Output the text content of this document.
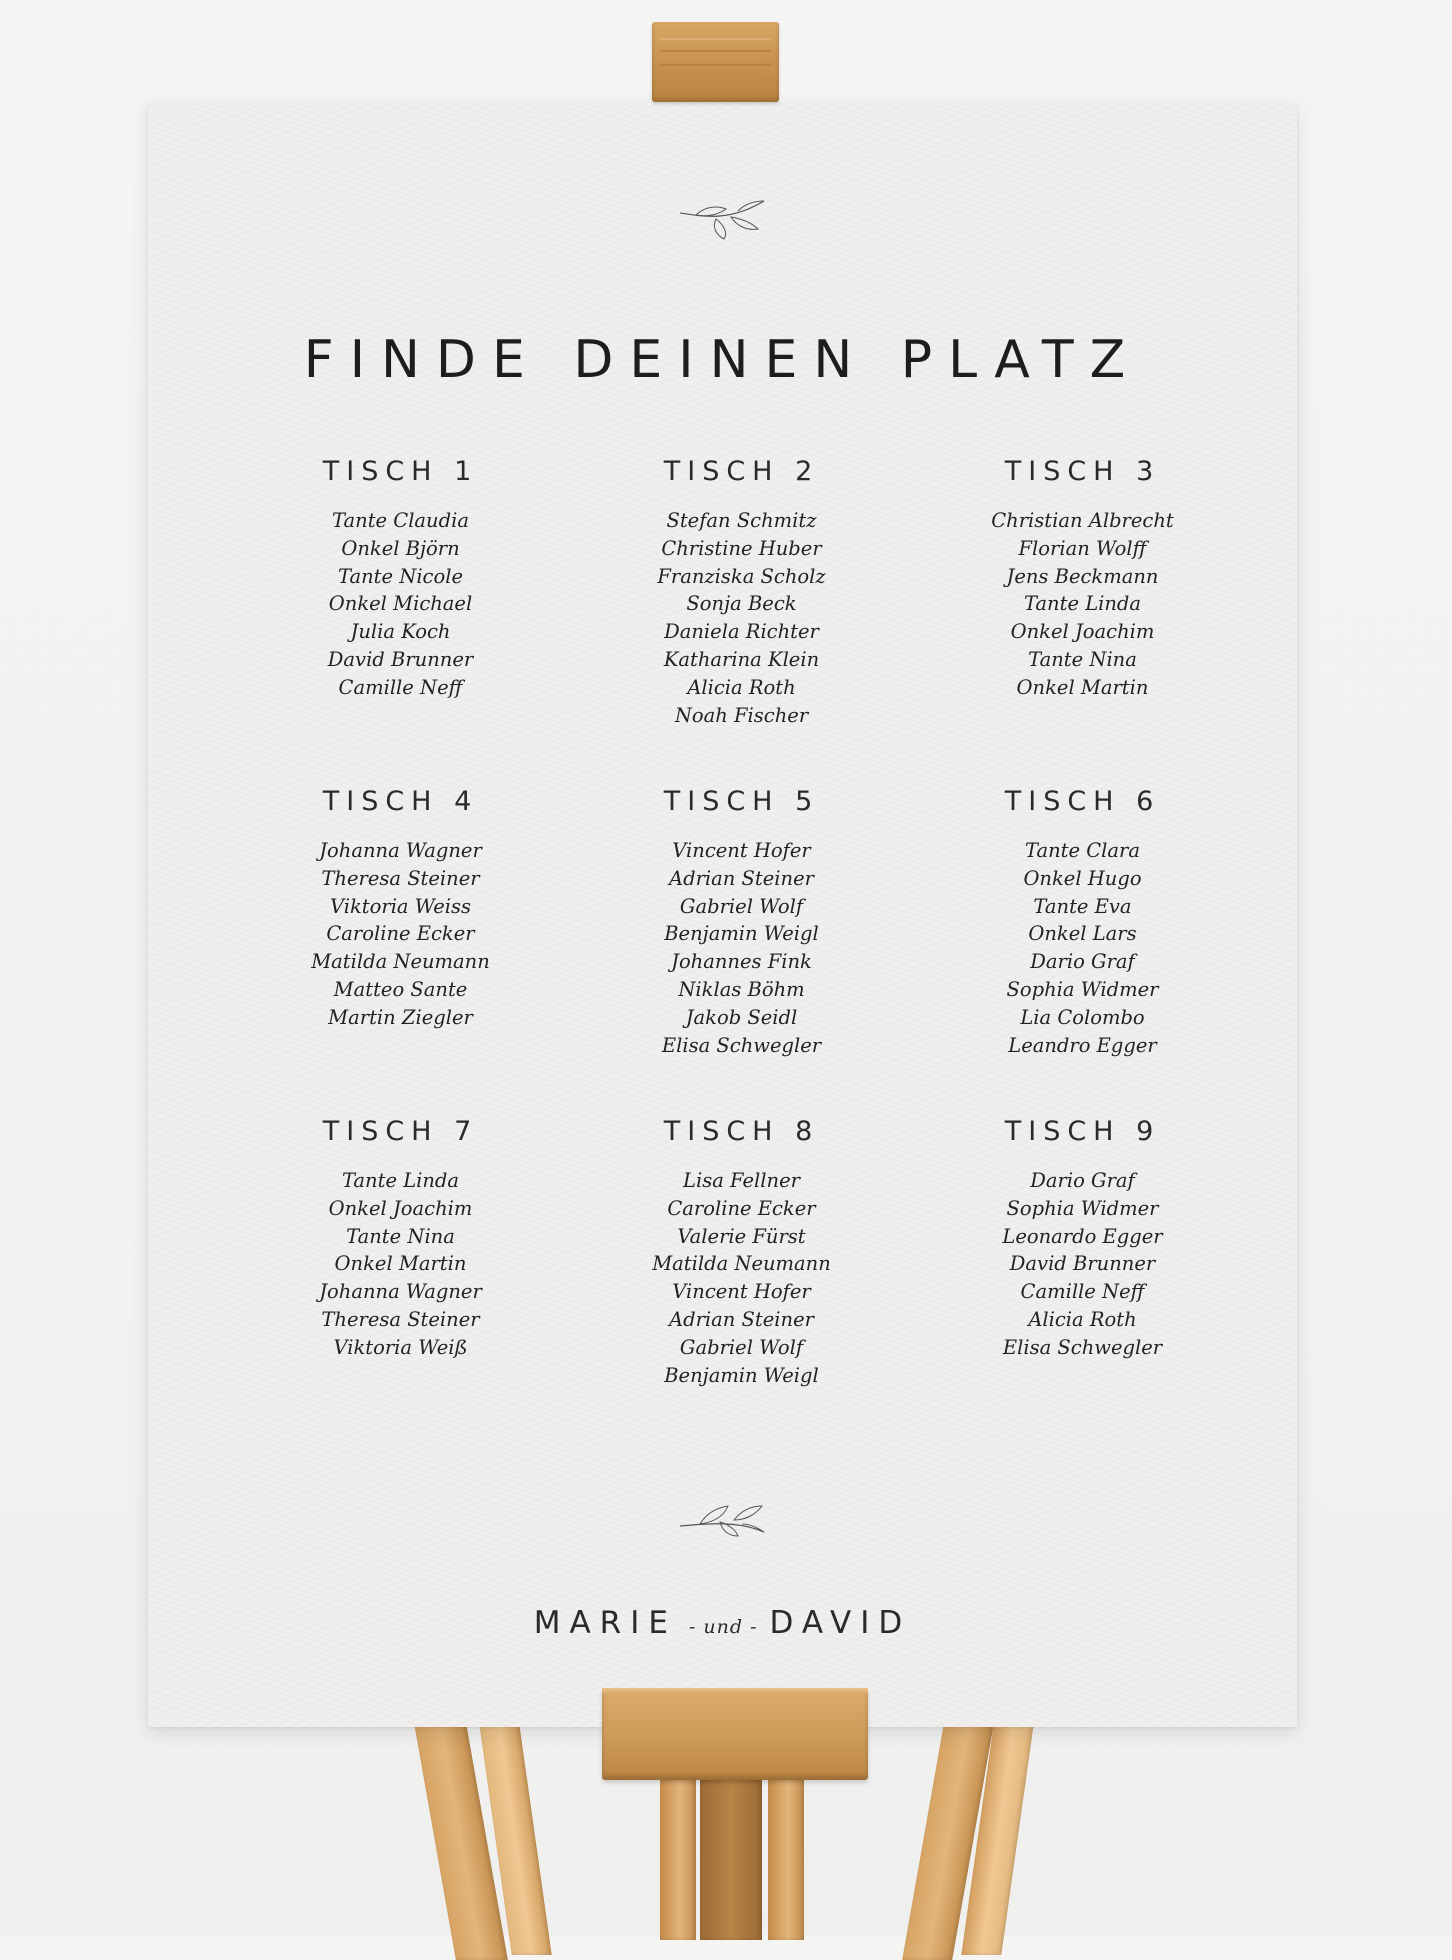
FINDE DEINEN PLATZ
TISCH 1
Tante Claudia
Onkel Björn
Tante Nicole
Onkel Michael
Julia Koch
David Brunner
Camille Neff
TISCH 2
Stefan Schmitz
Christine Huber
Franziska Scholz
Sonja Beck
Daniela Richter
Katharina Klein
Alicia Roth
Noah Fischer
TISCH 3
Christian Albrecht
Florian Wolff
Jens Beckmann
Tante Linda
Onkel Joachim
Tante Nina
Onkel Martin
TISCH 4
Johanna Wagner
Theresa Steiner
Viktoria Weiss
Caroline Ecker
Matilda Neumann
Matteo Sante
Martin Ziegler
TISCH 5
Vincent Hofer
Adrian Steiner
Gabriel Wolf
Benjamin Weigl
Johannes Fink
Niklas Böhm
Jakob Seidl
Elisa Schwegler
TISCH 6
Tante Clara
Onkel Hugo
Tante Eva
Onkel Lars
Dario Graf
Sophia Widmer
Lia Colombo
Leandro Egger
TISCH 7
Tante Linda
Onkel Joachim
Tante Nina
Onkel Martin
Johanna Wagner
Theresa Steiner
Viktoria Weiß
TISCH 8
Lisa Fellner
Caroline Ecker
Valerie Fürst
Matilda Neumann
Vincent Hofer
Adrian Steiner
Gabriel Wolf
Benjamin Weigl
TISCH 9
Dario Graf
Sophia Widmer
Leonardo Egger
David Brunner
Camille Neff
Alicia Roth
Elisa Schwegler
MARIE - und - DAVID
